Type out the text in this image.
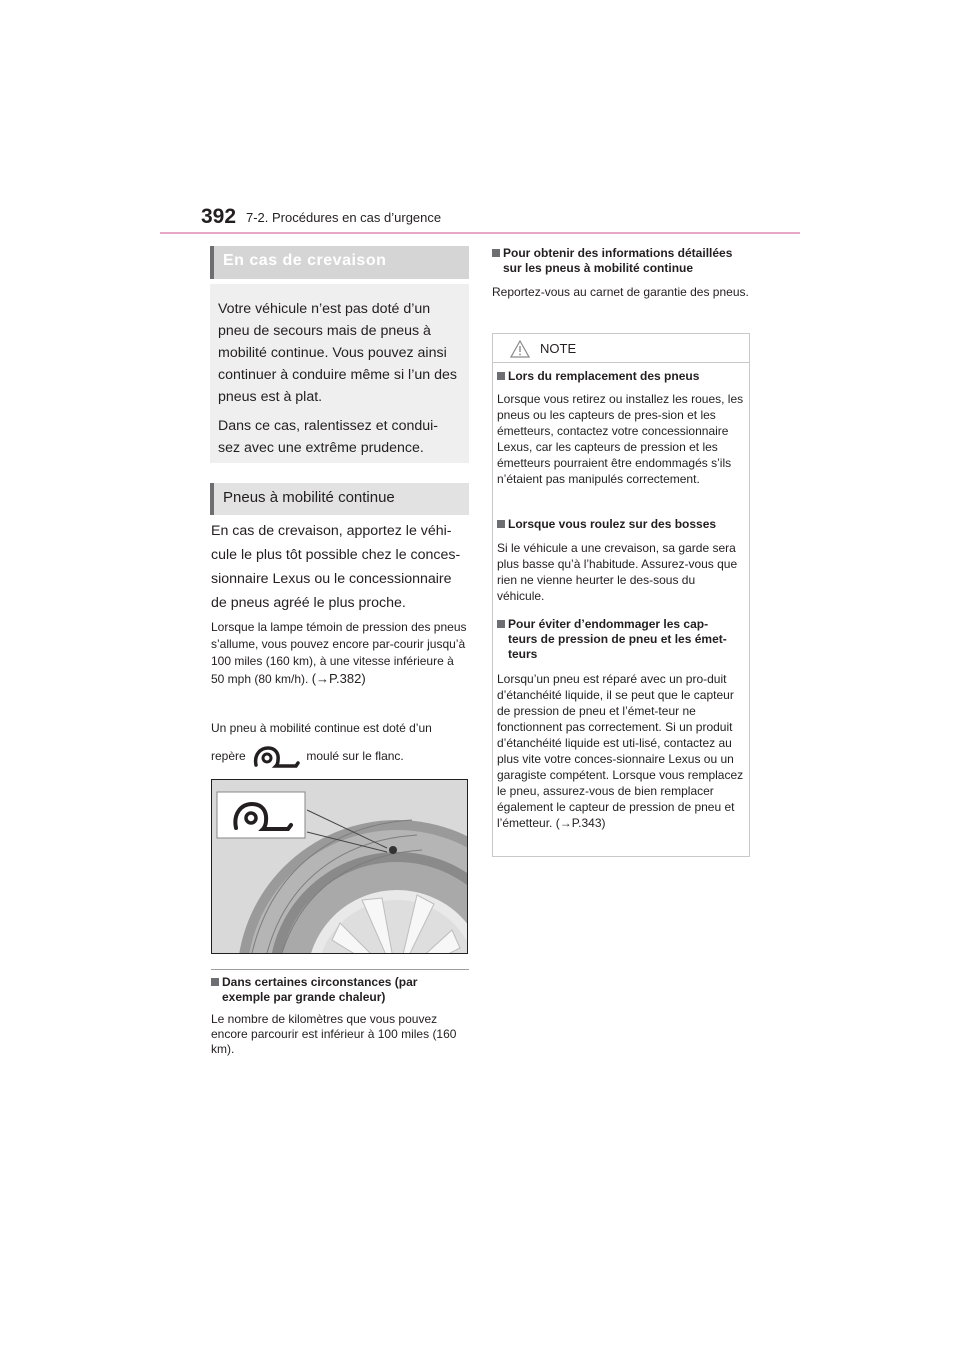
392 7-2. Procédures en cas d’urgence
En cas de crevaison

Votre véhicule n’est pas doté d’un pneu de secours mais de pneus à mobilité continue. Vous pouvez ainsi continuer à conduire même si l’un des pneus est à plat.

Dans ce cas, ralentissez et condui-sez avec une extrême prudence.

Pneus à mobilité continue
En cas de crevaison, apportez le véhi-cule le plus tôt possible chez le conces-sionnaire Lexus ou le concessionnaire de pneus agréé le plus proche.
Lorsque la lampe témoin de pression des pneus s’allume, vous pouvez encore par-courir jusqu’à 100 miles (160 km), à une vitesse inférieure à 50 mph (80 km/h). (→P.382)
Un pneu à mobilité continue est doté d’un
repère	moulé sur le flanc.
Dans certaines circonstances (par
exemple par grande chaleur)
Le nombre de kilomètres que vous pouvez encore parcourir est inférieur à 100 miles (160 km).
Pour obtenir des informations détaillées
sur les pneus à mobilité continue
Reportez-vous au carnet de garantie des pneus.
NOTE
Lors du remplacement des pneus
Lorsque vous retirez ou installez les roues, les pneus ou les capteurs de pres-sion et les émetteurs, contactez votre concessionnaire Lexus, car les capteurs de pression et les émetteurs pourraient être endommagés s’ils n’étaient pas manipulés correctement.
Lorsque vous roulez sur des bosses
Si le véhicule a une crevaison, sa garde sera plus basse qu’à l’habitude. Assurez-vous que rien ne vienne heurter le des-sous du véhicule.
Pour éviter d’endommager les cap-
teurs de pression de pneu et les émet-
teurs
Lorsqu’un pneu est réparé avec un pro-duit d’étanchéité liquide, il se peut que le capteur de pression de pneu et l’émet-teur ne fonctionnent pas correctement. Si un produit d’étanchéité liquide est uti-lisé, contactez au plus vite votre conces-sionnaire Lexus ou un garagiste compétent. Lorsque vous remplacez le pneu, assurez-vous de bien remplacer également le capteur de pression de pneu et l’émetteur. (→P.343)
